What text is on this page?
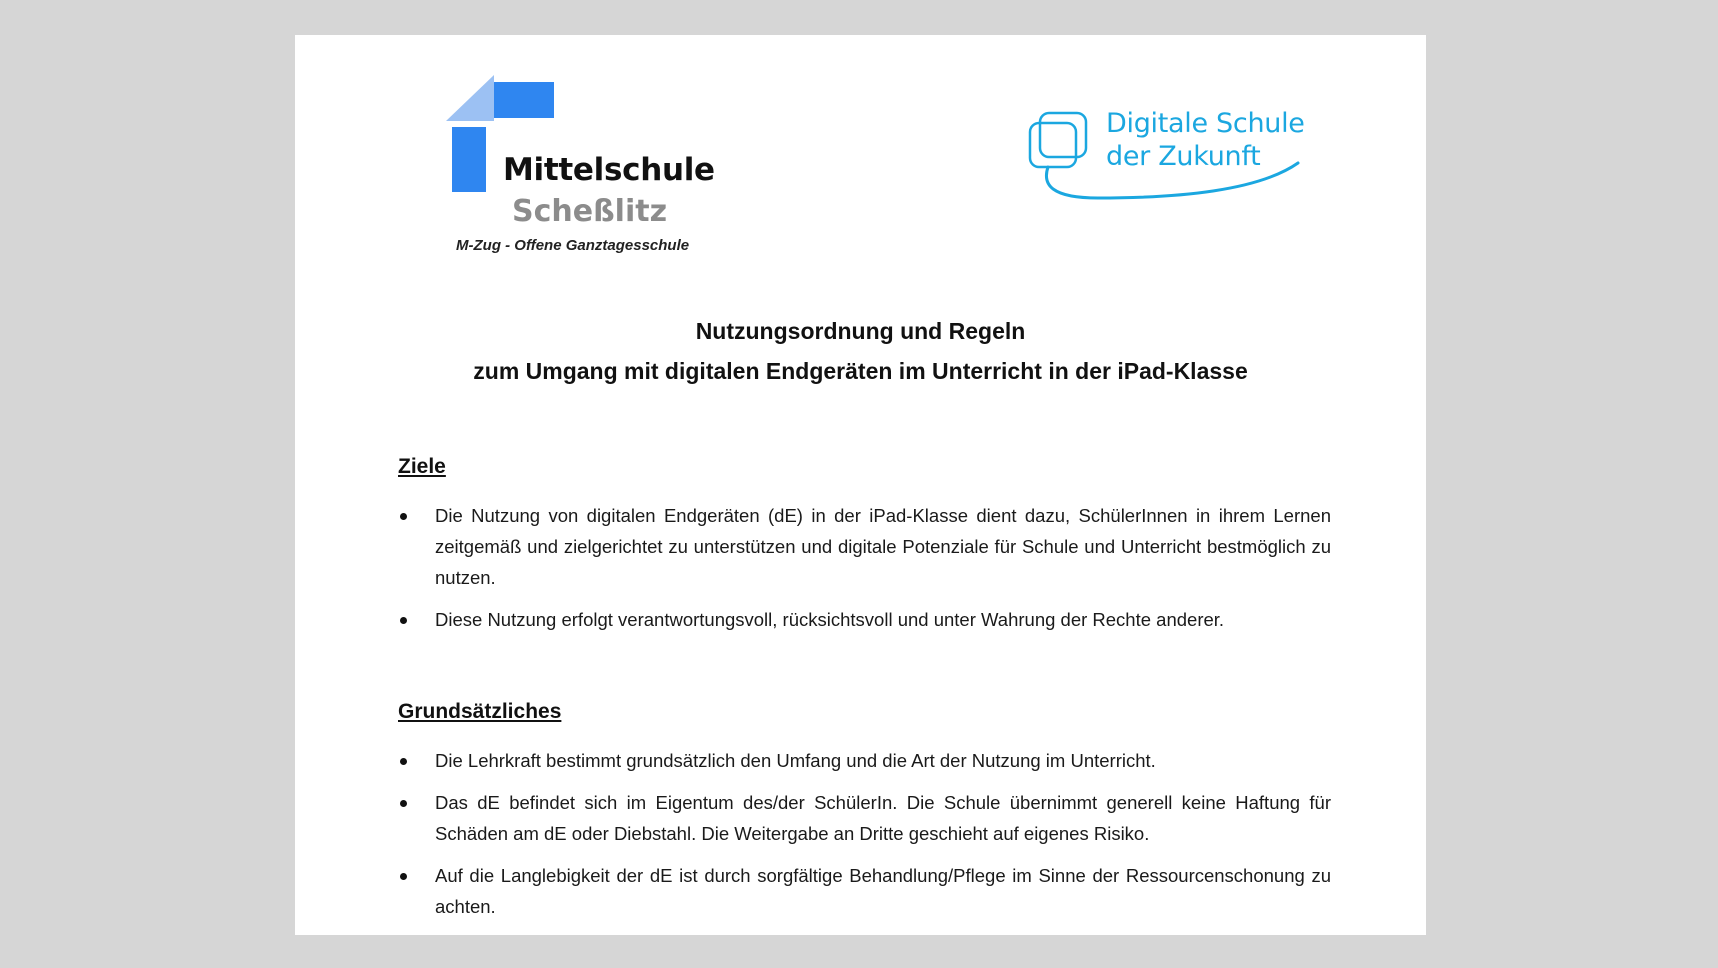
Mittelschule
Scheßlitz
M-Zug - Offene Ganztagesschule
Digitale Schule
der Zukunft
Nutzungsordnung und Regeln
zum Umgang mit digitalen Endgeräten im Unterricht in der iPad-Klasse
Ziele
Die Nutzung von digitalen Endgeräten (dE) in der iPad-Klasse dient dazu, SchülerInnen in ihrem Lernen zeitgemäß und zielgerichtet zu unterstützen und digitale Potenziale für Schule und Unterricht bestmöglich zu nutzen.
Diese Nutzung erfolgt verantwortungsvoll, rücksichtsvoll und unter Wahrung der Rechte anderer.
Grundsätzliches
Die Lehrkraft bestimmt grundsätzlich den Umfang und die Art der Nutzung im Unterricht.
Das dE befindet sich im Eigentum des/der SchülerIn. Die Schule übernimmt generell keine Haftung für Schäden am dE oder Diebstahl. Die Weitergabe an Dritte geschieht auf eigenes Risiko.
Auf die Langlebigkeit der dE ist durch sorgfältige Behandlung/Pflege im Sinne der Ressourcenschonung zu achten.
